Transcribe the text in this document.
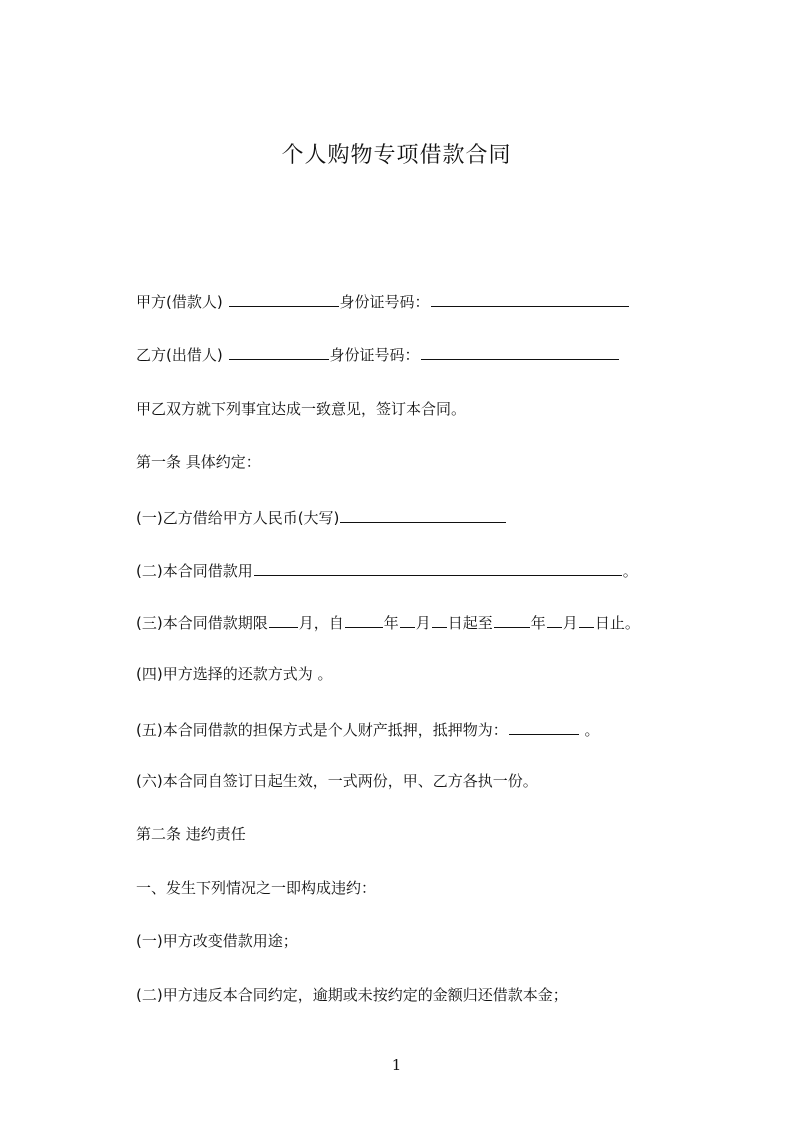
个人购物专项借款合同
甲方(借款人)	身份证号码：
乙方(出借人)	身份证号码：
甲乙双方就下列事宜达成一致意见，签订本合同。
第一条 具体约定：
(一)乙方借给甲方人民币(大写)
(二)本合同借款用	。
(三)本合同借款期限 月，自	年 月 日起至	年 月 日止。
(四)甲方选择的还款方式为 。
(五)本合同借款的担保方式是个人财产抵押，抵押物为：	。
(六)本合同自签订日起生效，一式两份，甲、乙方各执一份。
第二条 违约责任
一、发生下列情况之一即构成违约：
(一)甲方改变借款用途；
(二)甲方违反本合同约定，逾期或未按约定的金额归还借款本金；
1
